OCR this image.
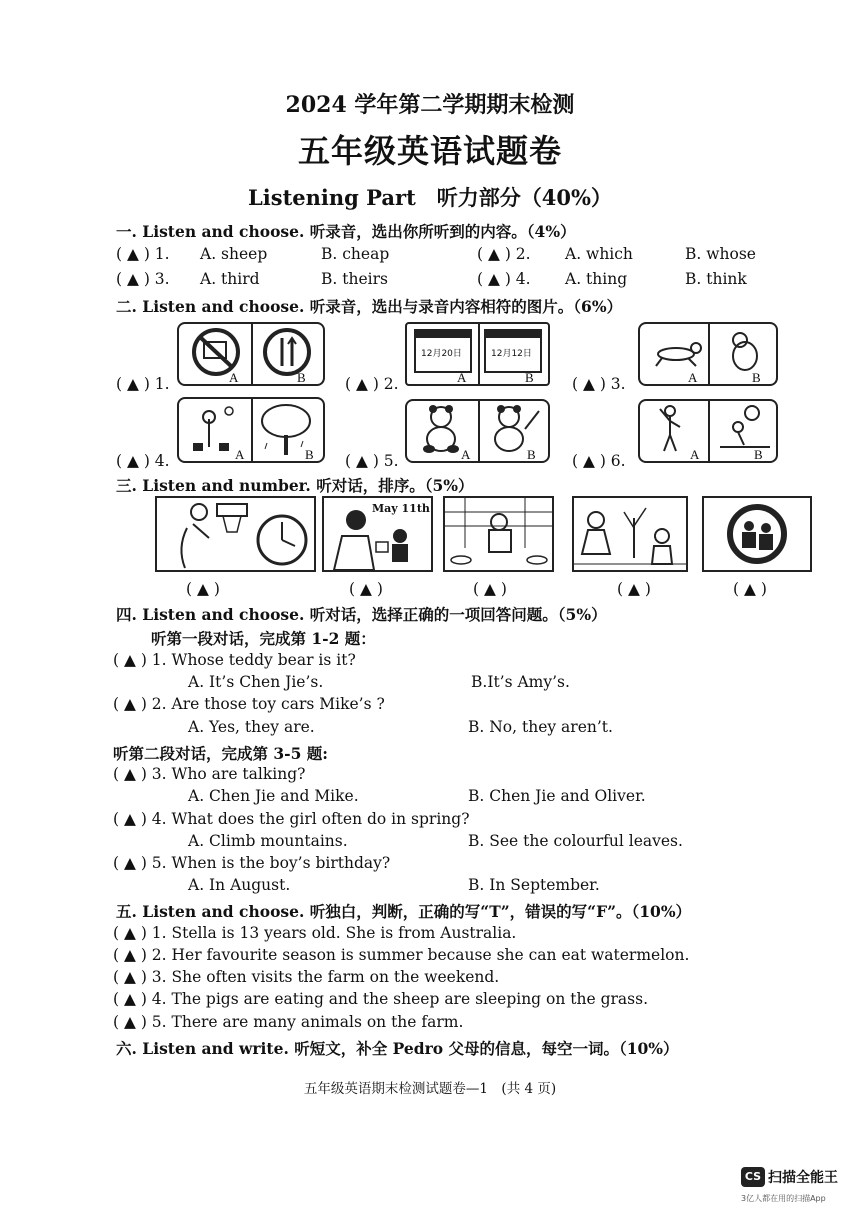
2024 学年第二学期期末检测
五年级英语试题卷
Listening Part　听力部分（40%）
一. Listen and choose. 听录音，选出你所听到的内容。（4%）
( ▲ ) 1. A. sheep	B. cheap	( ▲ ) 2. A. which	B. whose
( ▲ ) 3. A. third	B. theirs	( ▲ ) 4. A. thing	B. think
二. Listen and choose. 听录音，选出与录音内容相符的图片。（6%）
( ▲ ) 1.	A	B	( ▲ ) 2.
12月20日	12月12日
A	B ( ▲ ) 3.	A	B
( ▲ ) 4.	A	B ( ▲ ) 5.	A	B ( ▲ ) 6.	A	B
三. Listen and number. 听对话，排序。（5%）
May 11th
( ▲ )	( ▲ )	( ▲ )	( ▲ )	( ▲ )
四. Listen and choose. 听对话，选择正确的一项回答问题。（5%）
听第一段对话，完成第 1-2 题：
( ▲ ) 1. Whose teddy bear is it?
A. It’s Chen Jie’s.	B.It’s Amy’s.
( ▲ ) 2. Are those toy cars Mike’s ?
A. Yes, they are.	B. No, they aren’t.
听第二段对话，完成第 3-5 题:
( ▲ ) 3. Who are talking?
A. Chen Jie and Mike.	B. Chen Jie and Oliver.
( ▲ ) 4. What does the girl often do in spring?
A. Climb mountains.	B. See the colourful leaves.
( ▲ ) 5. When is the boy’s birthday?
A. In August.	B. In September.
五. Listen and choose. 听独白，判断，正确的写“T”，错误的写“F”。（10%）
( ▲ ) 1. Stella is 13 years old. She is from Australia.
( ▲ ) 2. Her favourite season is summer because she can eat watermelon.
( ▲ ) 3. She often visits the farm on the weekend.
( ▲ ) 4. The pigs are eating and the sheep are sleeping on the grass.
( ▲ ) 5. There are many animals on the farm.
六. Listen and write. 听短文，补全 Pedro 父母的信息，每空一词。（10%）
五年级英语期末检测试题卷—1　(共 4 页)
CS 扫描全能王
3亿人都在用的扫描App
